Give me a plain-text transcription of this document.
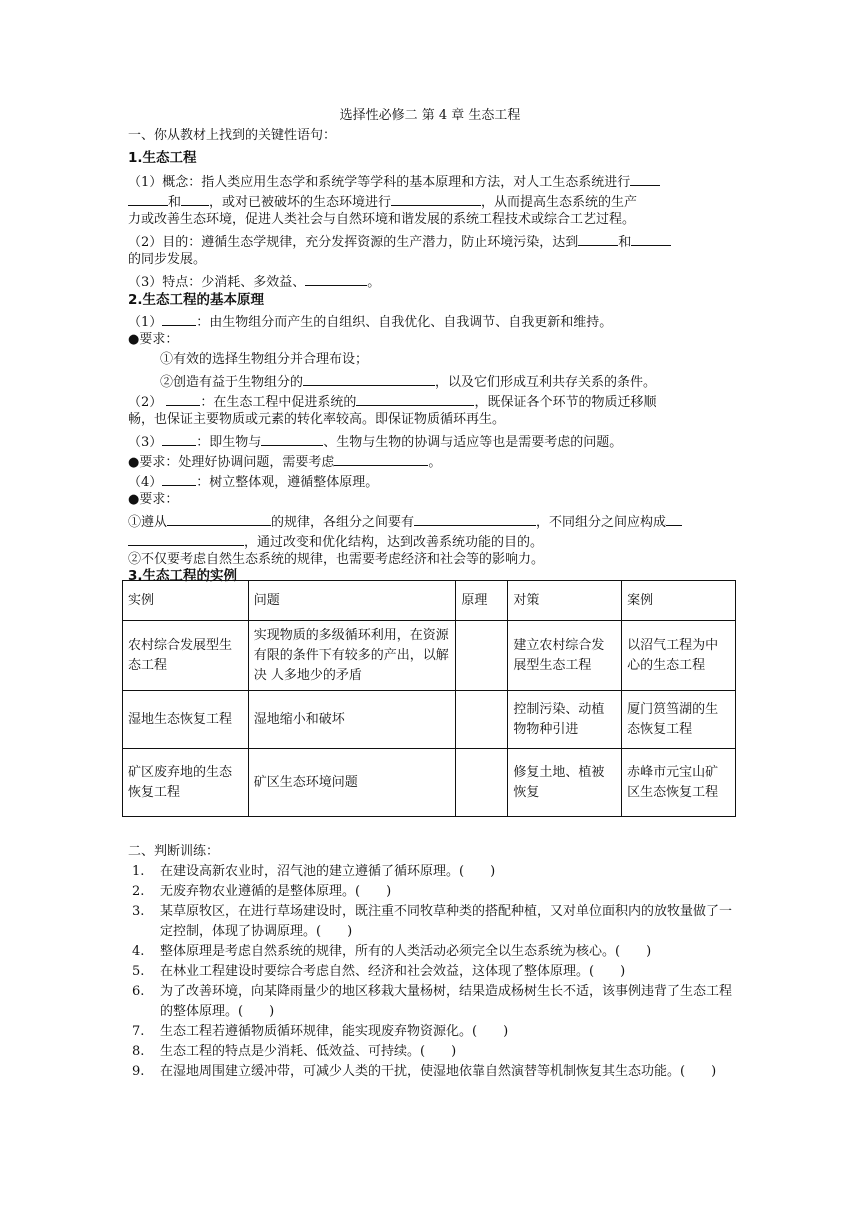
选择性必修二 第 4 章 生态工程
一、你从教材上找到的关键性语句：
1.生态工程
（1）概念：指人类应用生态学和系统学等学科的基本原理和方法，对人工生态系统进行
和 ，或对已被破坏的生态环境进行	，从而提高生态系统的生产
力或改善生态环境，促进人类社会与自然环境和谐发展的系统工程技术或综合工艺过程。
（2）目的：遵循生态学规律，充分发挥资源的生产潜力，防止环境污染，达到	和
的同步发展。
（3）特点：少消耗、多效益、	。
2.生态工程的基本原理
（1）	：由生物组分而产生的自组织、自我优化、自我调节、自我更新和维持。
●要求：
①有效的选择生物组分并合理布设；
②创造有益于生物组分的	，以及它们形成互利共存关系的条件。
（2）	：在生态工程中促进系统的	，既保证各个环节的物质迁移顺
畅，也保证主要物质或元素的转化率较高。即保证物质循环再生。
（3）	：即生物与	、生物与生物的协调与适应等也是需要考虑的问题。
●要求：处理好协调问题，需要考虑	。
（4）	：树立整体观，遵循整体原理。
●要求：
①遵从	的规律，各组分之间要有	，不同组分之间应构成
，通过改变和优化结构，达到改善系统功能的目的。
②不仅要考虑自然生态系统的规律，也需要考虑经济和社会等的影响力。
3.生态工程的实例
实例	问题	原理	对策	案例
农村综合发展型生态工程	实现物质的多级循环利用，在资源有限的条件下有较多的产出，以解决 人多地少的矛盾		建立农村综合发展型生态工程	以沼气工程为中心的生态工程
湿地生态恢复工程	湿地缩小和破坏		控制污染、动植物物种引进	厦门筼筜湖的生态恢复工程
矿区废弃地的生态恢复工程	矿区生态环境问题		修复土地、植被恢复	赤峰市元宝山矿区生态恢复工程
二、判断训练：
1. 在建设高新农业时，沼气池的建立遵循了循环原理。(　　)
2. 无废弃物农业遵循的是整体原理。(　　)
3. 某草原牧区，在进行草场建设时，既注重不同牧草种类的搭配种植，又对单位面积内的放牧量做了一定控制，体现了协调原理。(　　)
4. 整体原理是考虑自然系统的规律，所有的人类活动必须完全以生态系统为核心。(　　)
5. 在林业工程建设时要综合考虑自然、经济和社会效益，这体现了整体原理。(　　)
6. 为了改善环境，向某降雨量少的地区移栽大量杨树，结果造成杨树生长不适，该事例违背了生态工程的整体原理。(　　)
7. 生态工程若遵循物质循环规律，能实现废弃物资源化。(　　)
8. 生态工程的特点是少消耗、低效益、可持续。(　　)
9. 在湿地周围建立缓冲带，可减少人类的干扰，使湿地依靠自然演替等机制恢复其生态功能。(　　)
